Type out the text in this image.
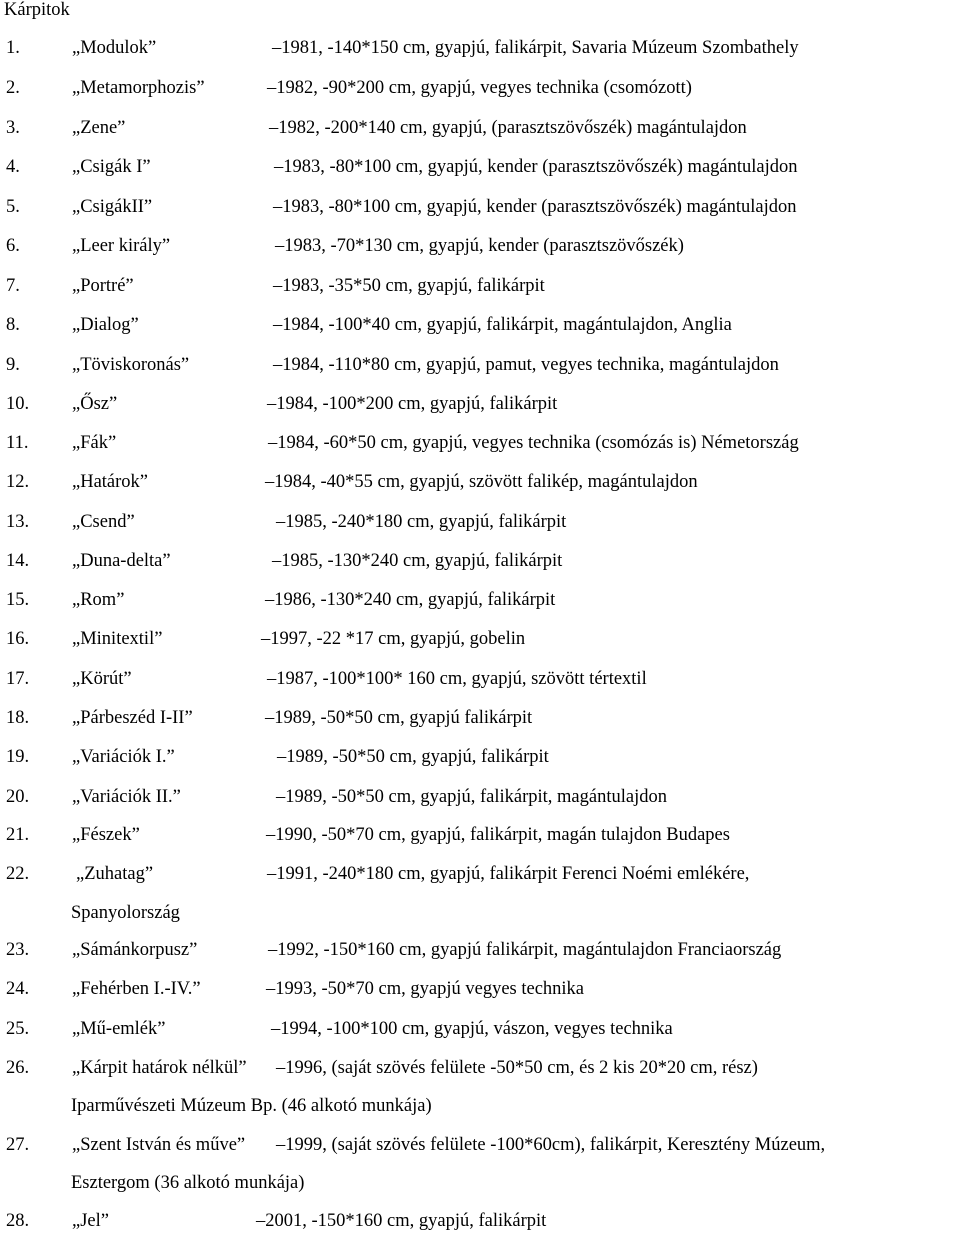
Kárpitok
1.	„Modulok”	–1981, -140*150 cm, gyapjú, falikárpit, Savaria Múzeum Szombathely
2.	„Metamorphozis”	–1982, -90*200 cm, gyapjú, vegyes technika (csomózott)
3.	„Zene”	–1982, -200*140 cm, gyapjú, (parasztszövőszék) magántulajdon
4.	„Csigák I”	–1983, -80*100 cm, gyapjú, kender (parasztszövőszék) magántulajdon
5.	„CsigákII”	–1983, -80*100 cm, gyapjú, kender (parasztszövőszék) magántulajdon
6.	„Leer király”	–1983, -70*130 cm, gyapjú, kender (parasztszövőszék)
7.	„Portré”	–1983, -35*50 cm, gyapjú, falikárpit
8.	„Dialog”	–1984, -100*40 cm, gyapjú, falikárpit, magántulajdon, Anglia
9.	„Töviskoronás”	–1984, -110*80 cm, gyapjú, pamut, vegyes technika, magántulajdon
10. „Ősz”	–1984, -100*200 cm, gyapjú, falikárpit
11. „Fák”	–1984, -60*50 cm, gyapjú, vegyes technika (csomózás is) Németország
12. „Határok”	–1984, -40*55 cm, gyapjú, szövött falikép, magántulajdon
13. „Csend”	–1985, -240*180 cm, gyapjú, falikárpit
14. „Duna-delta”	–1985, -130*240 cm, gyapjú, falikárpit
15. „Rom”	–1986, -130*240 cm, gyapjú, falikárpit
16. „Minitextil”	–1997, -22 *17 cm, gyapjú, gobelin
17. „Körút”	–1987, -100*100* 160 cm, gyapjú, szövött tértextil
18. „Párbeszéd I-II”	–1989, -50*50 cm, gyapjú falikárpit
19. „Variációk I.”	–1989, -50*50 cm, gyapjú, falikárpit
20. „Variációk II.”	–1989, -50*50 cm, gyapjú, falikárpit, magántulajdon
21. „Fészek”	–1990, -50*70 cm, gyapjú, falikárpit, magán tulajdon Budapes
22.	„Zuhatag”	–1991, -240*180 cm, gyapjú, falikárpit Ferenci Noémi emlékére,
Spanyolország
23. „Sámánkorpusz”	–1992, -150*160 cm, gyapjú falikárpit, magántulajdon Franciaország
24. „Fehérben I.-IV.”	–1993, -50*70 cm, gyapjú vegyes technika
25. „Mű-emlék”	–1994, -100*100 cm, gyapjú, vászon, vegyes technika
26. „Kárpit határok nélkül” –1996, (saját szövés felülete -50*50 cm, és 2 kis 20*20 cm, rész)
Iparművészeti Múzeum Bp. (46 alkotó munkája)
27. „Szent István és műve” –1999, (saját szövés felülete -100*60cm), falikárpit, Keresztény Múzeum,
Esztergom (36 alkotó munkája)
28. „Jel”	–2001, -150*160 cm, gyapjú, falikárpit
